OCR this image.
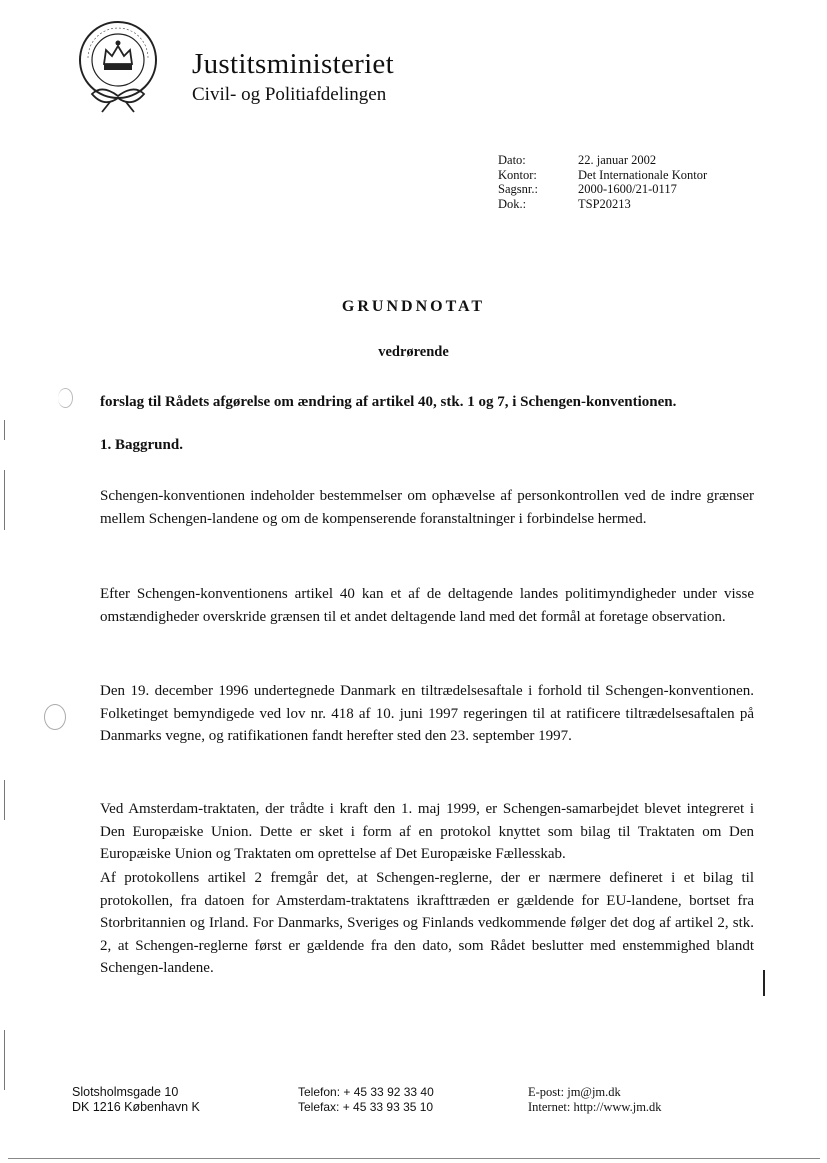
Justitsministeriet
Civil- og Politiafdelingen
Dato:	22. januar 2002
Kontor:	Det Internationale Kontor
Sagsnr.:	2000-1600/21-0117
Dok.:	TSP20213
GRUNDNOTAT
vedrørende
forslag til Rådets afgørelse om ændring af artikel 40, stk. 1 og 7, i Schengen-konventionen.
1. Baggrund.
Schengen-konventionen indeholder bestemmelser om ophævelse af personkontrollen ved de indre grænser mellem Schengen-landene og om de kompenserende foranstaltninger i forbindelse hermed.
Efter Schengen-konventionens artikel 40 kan et af de deltagende landes politimyndigheder under visse omstændigheder overskride grænsen til et andet deltagende land med det formål at foretage observation.
Den 19. december 1996 undertegnede Danmark en tiltrædelsesaftale i forhold til Schengen-konventionen. Folketinget bemyndigede ved lov nr. 418 af 10. juni 1997 regeringen til at ratificere tiltrædelsesaftalen på Danmarks vegne, og ratifikationen fandt herefter sted den 23. september 1997.
Ved Amsterdam-traktaten, der trådte i kraft den 1. maj 1999, er Schengen-samarbejdet blevet integreret i Den Europæiske Union. Dette er sket i form af en protokol knyttet som bilag til Traktaten om Den Europæiske Union og Traktaten om oprettelse af Det Europæiske Fællesskab.
Af protokollens artikel 2 fremgår det, at Schengen-reglerne, der er nærmere defineret i et bilag til protokollen, fra datoen for Amsterdam-traktatens ikrafttræden er gældende for EU-landene, bortset fra Storbritannien og Irland. For Danmarks, Sveriges og Finlands vedkommende følger det dog af artikel 2, stk. 2, at Schengen-reglerne først er gældende fra den dato, som Rådet beslutter med enstemmighed blandt Schengen-landene.
Slotsholmsgade 10
DK 1216 København K
Telefon: + 45 33 92 33 40
Telefax: + 45 33 93 35 10
E-post: jm@jm.dk
Internet: http://www.jm.dk
